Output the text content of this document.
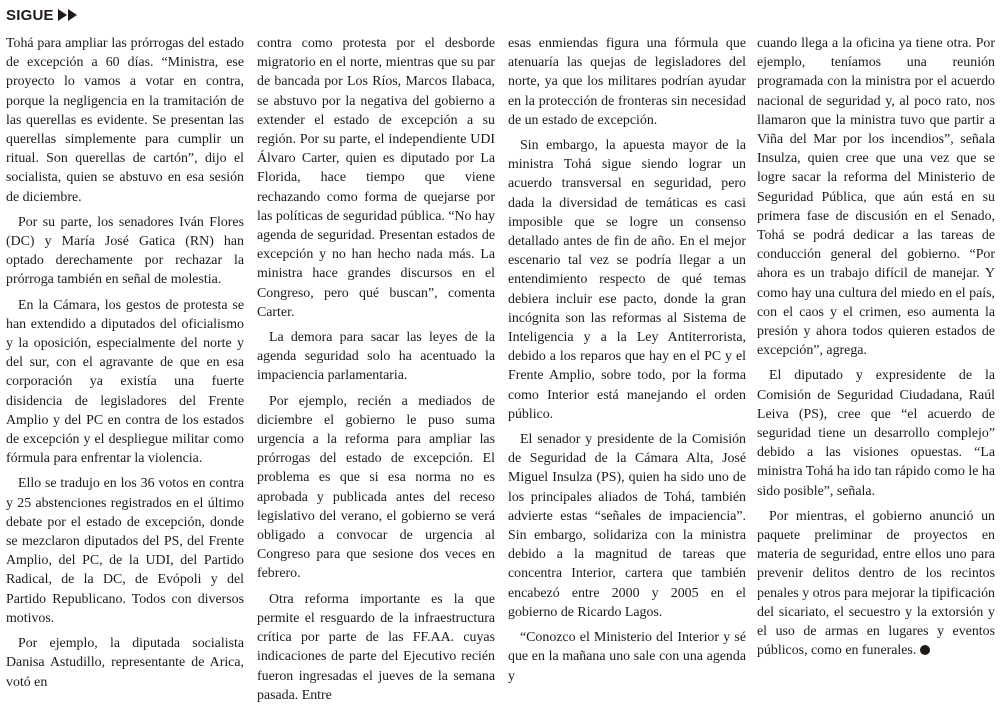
SIGUE

Tohá para ampliar las prórrogas del estado de excepción a 60 días. “Ministra, ese proyecto lo vamos a votar en contra, porque la negligencia en la tramitación de las querellas es evidente. Se presentan las querellas simplemente para cumplir un ritual. Son querellas de cartón”, dijo el socialista, quien se abstuvo en esa sesión de diciembre.

Por su parte, los senadores Iván Flores (DC) y María José Gatica (RN) han optado derechamente por rechazar la prórroga también en señal de molestia.

En la Cámara, los gestos de protesta se han extendido a diputados del oficialismo y la oposición, especialmente del norte y del sur, con el agravante de que en esa corporación ya existía una fuerte disidencia de legisladores del Frente Amplio y del PC en contra de los estados de excepción y el despliegue militar como fórmula para enfrentar la violencia.

Ello se tradujo en los 36 votos en contra y 25 abstenciones registrados en el último debate por el estado de excepción, donde se mezclaron diputados del PS, del Frente Amplio, del PC, de la UDI, del Partido Radical, de la DC, de Evópoli y del Partido Republicano. Todos con diversos motivos.

Por ejemplo, la diputada socialista Danisa Astudillo, representante de Arica, votó en

contra como protesta por el desborde migratorio en el norte, mientras que su par de bancada por Los Ríos, Marcos Ilabaca, se abstuvo por la negativa del gobierno a extender el estado de excepción a su región. Por su parte, el independiente UDI Álvaro Carter, quien es diputado por La Florida, hace tiempo que viene rechazando como forma de quejarse por las políticas de seguridad pública. “No hay agenda de seguridad. Presentan estados de excepción y no han hecho nada más. La ministra hace grandes discursos en el Congreso, pero qué buscan”, comenta Carter.

La demora para sacar las leyes de la agenda seguridad solo ha acentuado la impaciencia parlamentaria.

Por ejemplo, recién a mediados de diciembre el gobierno le puso suma urgencia a la reforma para ampliar las prórrogas del estado de excepción. El problema es que si esa norma no es aprobada y publicada antes del receso legislativo del verano, el gobierno se verá obligado a convocar de urgencia al Congreso para que sesione dos veces en febrero.

Otra reforma importante es la que permite el resguardo de la infraestructura crítica por parte de las FF.AA. cuyas indicaciones de parte del Ejecutivo recién fueron ingresadas el jueves de la semana pasada. Entre

esas enmiendas figura una fórmula que atenuaría las quejas de legisladores del norte, ya que los militares podrían ayudar en la protección de fronteras sin necesidad de un estado de excepción.

Sin embargo, la apuesta mayor de la ministra Tohá sigue siendo lograr un acuerdo transversal en seguridad, pero dada la diversidad de temáticas es casi imposible que se logre un consenso detallado antes de fin de año. En el mejor escenario tal vez se podría llegar a un entendimiento respecto de qué temas debiera incluir ese pacto, donde la gran incógnita son las reformas al Sistema de Inteligencia y a la Ley Antiterrorista, debido a los reparos que hay en el PC y el Frente Amplio, sobre todo, por la forma como Interior está manejando el orden público.

El senador y presidente de la Comisión de Seguridad de la Cámara Alta, José Miguel Insulza (PS), quien ha sido uno de los principales aliados de Tohá, también advierte estas “señales de impaciencia”. Sin embargo, solidariza con la ministra debido a la magnitud de tareas que concentra Interior, cartera que también encabezó entre 2000 y 2005 en el gobierno de Ricardo Lagos.

“Conozco el Ministerio del Interior y sé que en la mañana uno sale con una agenda y

cuando llega a la oficina ya tiene otra. Por ejemplo, teníamos una reunión programada con la ministra por el acuerdo nacional de seguridad y, al poco rato, nos llamaron que la ministra tuvo que partir a Viña del Mar por los incendios”, señala Insulza, quien cree que una vez que se logre sacar la reforma del Ministerio de Seguridad Pública, que aún está en su primera fase de discusión en el Senado, Tohá se podrá dedicar a las tareas de conducción general del gobierno. “Por ahora es un trabajo difícil de manejar. Y como hay una cultura del miedo en el país, con el caos y el crimen, eso aumenta la presión y ahora todos quieren estados de excepción”, agrega.

El diputado y expresidente de la Comisión de Seguridad Ciudadana, Raúl Leiva (PS), cree que “el acuerdo de seguridad tiene un desarrollo complejo” debido a las visiones opuestas. “La ministra Tohá ha ido tan rápido como le ha sido posible”, señala.

Por mientras, el gobierno anunció un paquete preliminar de proyectos en materia de seguridad, entre ellos uno para prevenir delitos dentro de los recintos penales y otros para mejorar la tipificación del sicariato, el secuestro y la extorsión y el uso de armas en lugares y eventos públicos, como en funerales.
